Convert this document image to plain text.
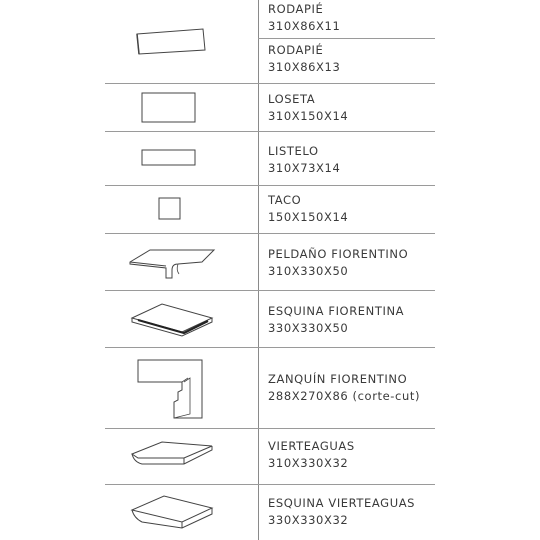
RODAPIÉ
310X86X11
RODAPIÉ
310X86X13
LOSETA
310X150X14
LISTELO
310X73X14
TACO
150X150X14
PELDAÑO FIORENTINO
310X330X50
ESQUINA FIORENTINA
330X330X50
ZANQUÍN FIORENTINO
288X270X86 (corte-cut)
VIERTEAGUAS
310X330X32
ESQUINA VIERTEAGUAS
330X330X32
